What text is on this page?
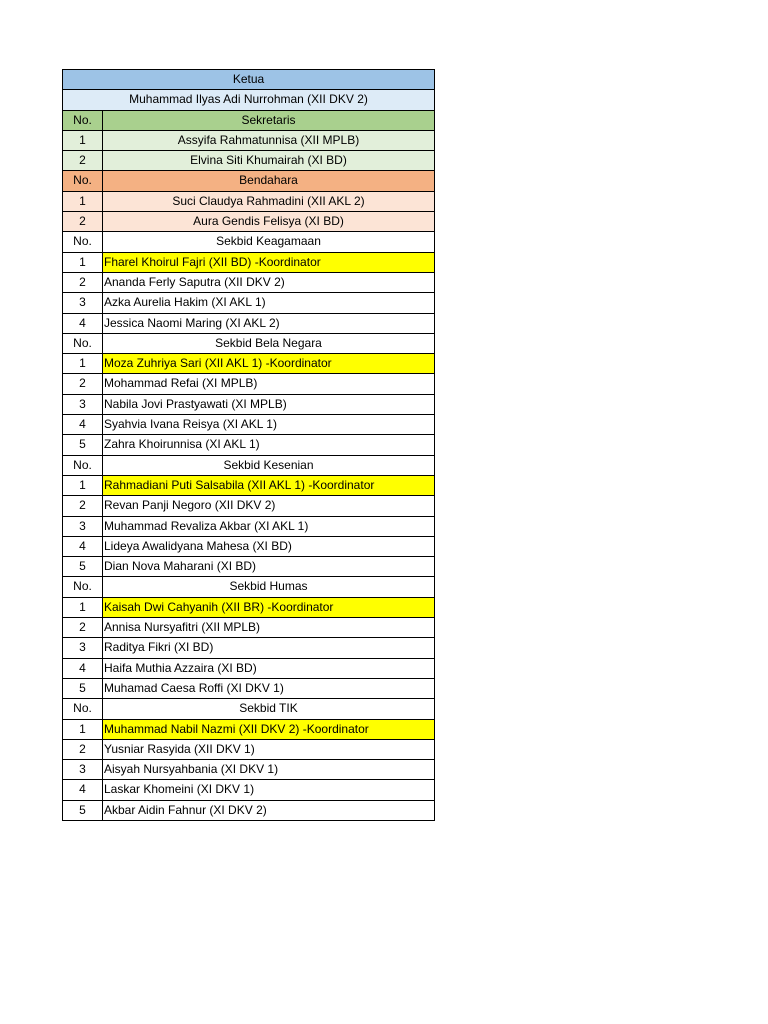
Ketua
Muhammad Ilyas Adi Nurrohman (XII DKV 2)
No.	Sekretaris
1	Assyifa Rahmatunnisa (XII MPLB)
2	Elvina Siti Khumairah (XI BD)
No.	Bendahara
1	Suci Claudya Rahmadini (XII AKL 2)
2	Aura Gendis Felisya (XI BD)
No.	Sekbid Keagamaan
1	Fharel Khoirul Fajri (XII BD) -Koordinator
2	Ananda Ferly Saputra (XII DKV 2)
3	Azka Aurelia Hakim (XI AKL 1)
4	Jessica Naomi Maring (XI AKL 2)
No.	Sekbid Bela Negara
1	Moza Zuhriya Sari (XII AKL 1) -Koordinator
2	Mohammad Refai (XI MPLB)
3	Nabila Jovi Prastyawati (XI MPLB)
4	Syahvia Ivana Reisya (XI AKL 1)
5	Zahra Khoirunnisa (XI AKL 1)
No.	Sekbid Kesenian
1	Rahmadiani Puti Salsabila (XII AKL 1) -Koordinator
2	Revan Panji Negoro (XII DKV 2)
3	Muhammad Revaliza Akbar (XI AKL 1)
4	Lideya Awalidyana Mahesa (XI BD)
5	Dian Nova Maharani (XI BD)
No.	Sekbid Humas
1	Kaisah Dwi Cahyanih (XII BR) -Koordinator
2	Annisa Nursyafitri (XII MPLB)
3	Raditya Fikri (XI BD)
4	Haifa Muthia Azzaira (XI BD)
5	Muhamad Caesa Roffi (XI DKV 1)
No.	Sekbid TIK
1	Muhammad Nabil Nazmi (XII DKV 2) -Koordinator
2	Yusniar Rasyida (XII DKV 1)
3	Aisyah Nursyahbania (XI DKV 1)
4	Laskar Khomeini (XI DKV 1)
5	Akbar Aidin Fahnur (XI DKV 2)
